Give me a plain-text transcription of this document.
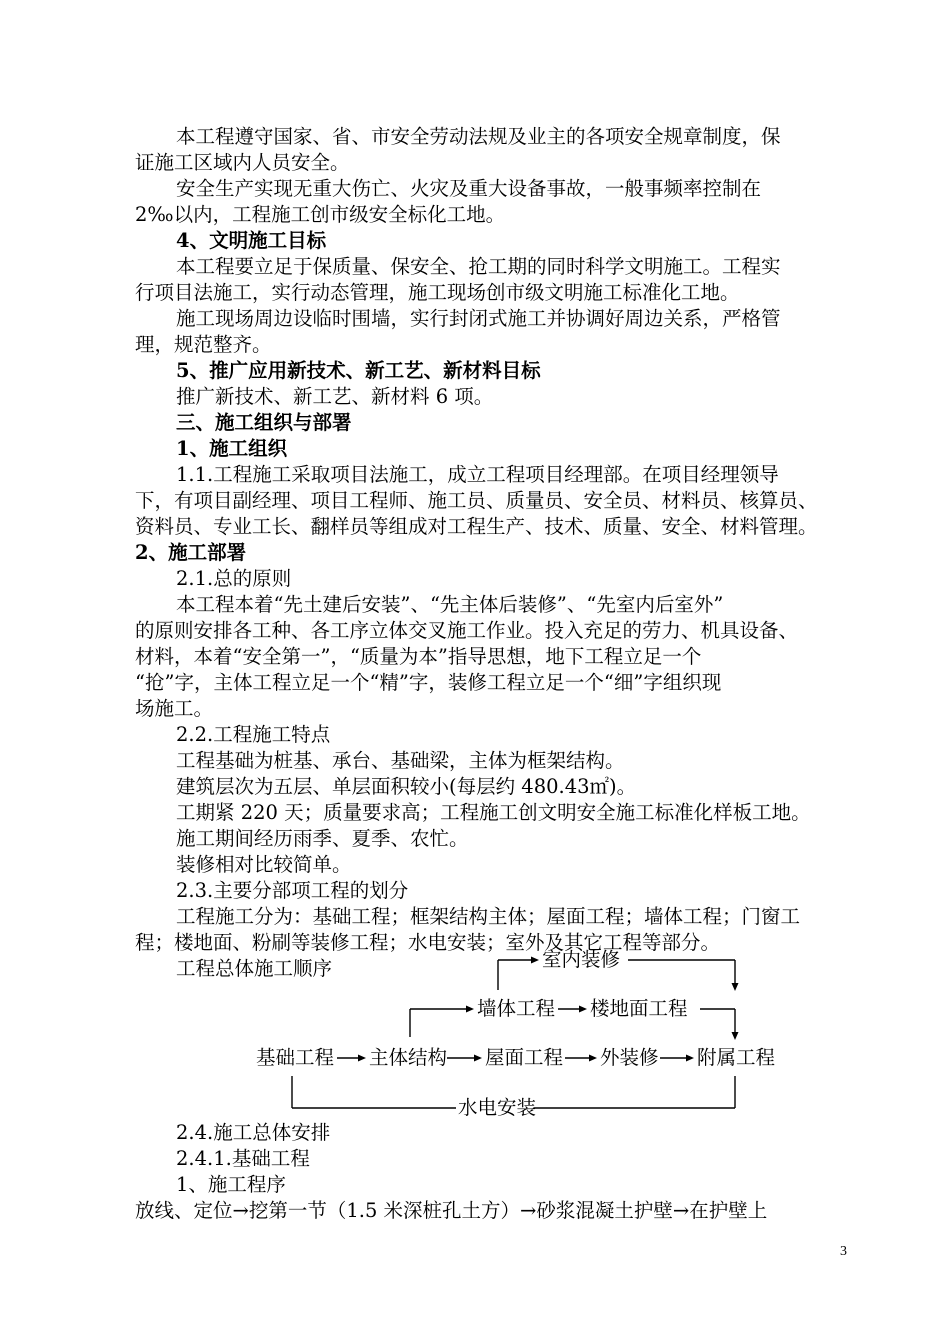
本工程遵守国家、省、市安全劳动法规及业主的各项安全规章制度，保
证施工区域内人员安全。
安全生产实现无重大伤亡、火灾及重大设备事故，一般事频率控制在
2‰以内，工程施工创市级安全标化工地。
4、文明施工目标
本工程要立足于保质量、保安全、抢工期的同时科学文明施工。工程实
行项目法施工，实行动态管理，施工现场创市级文明施工标准化工地。
施工现场周边设临时围墙，实行封闭式施工并协调好周边关系，严格管
理，规范整齐。
5、推广应用新技术、新工艺、新材料目标
推广新技术、新工艺、新材料 6 项。
三、施工组织与部署
1、施工组织
1.1.工程施工采取项目法施工，成立工程项目经理部。在项目经理领导
下，有项目副经理、项目工程师、施工员、质量员、安全员、材料员、核算员、
资料员、专业工长、翻样员等组成对工程生产、技术、质量、安全、材料管理。
2、施工部署
2.1.总的原则
本工程本着“先土建后安装”、“先主体后装修”、“先室内后室外”
的原则安排各工种、各工序立体交叉施工作业。投入充足的劳力、机具设备、
材料，本着“安全第一”，“质量为本”指导思想，地下工程立足一个
“抢”字，主体工程立足一个“精”字，装修工程立足一个“细”字组织现
场施工。
2.2.工程施工特点
工程基础为桩基、承台、基础梁，主体为框架结构。
建筑层次为五层、单层面积较小(每层约 480.43㎡)。
工期紧 220 天；质量要求高；工程施工创文明安全施工标准化样板工地。
施工期间经历雨季、夏季、农忙。
装修相对比较简单。
2.3.主要分部项工程的划分
工程施工分为：基础工程；框架结构主体；屋面工程；墙体工程；门窗工
程；楼地面、粉刷等装修工程；水电安装；室外及其它工程等部分。
工程总体施工顺序	室内装修
墙体工程 楼地面工程
基础工程 主体结构 屋面工程 外装修 附属工程
水电安装
2.4.施工总体安排
2.4.1.基础工程
1、施工程序
放线、定位→挖第一节（1.5 米深桩孔土方）→砂浆混凝土护壁→在护壁上
3
